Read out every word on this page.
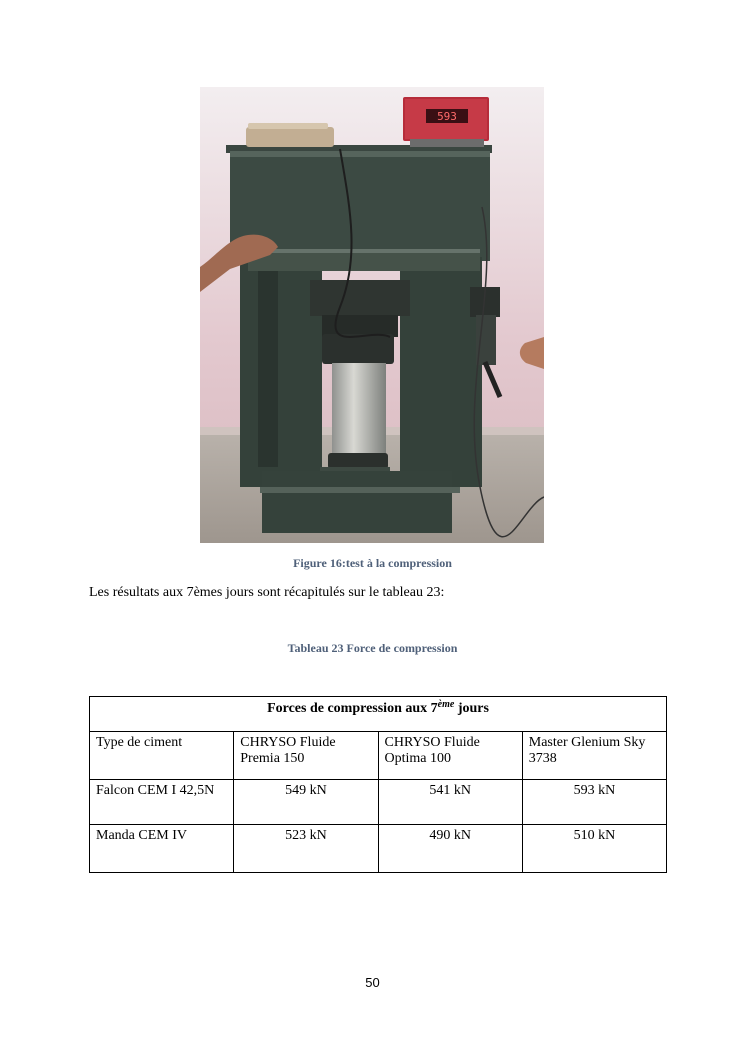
593
Figure 16:test à la compression
Les résultats aux 7èmes jours sont récapitulés sur le tableau 23:
Tableau 23 Force de compression
Forces de compression aux 7ème jours			
Type de ciment	CHRYSO Fluide Premia 150	CHRYSO Fluide Optima 100	Master Glenium Sky 3738
Falcon CEM I 42,5N	549 kN	541 kN	593 kN
Manda CEM IV	523 kN	490 kN	510 kN
50
